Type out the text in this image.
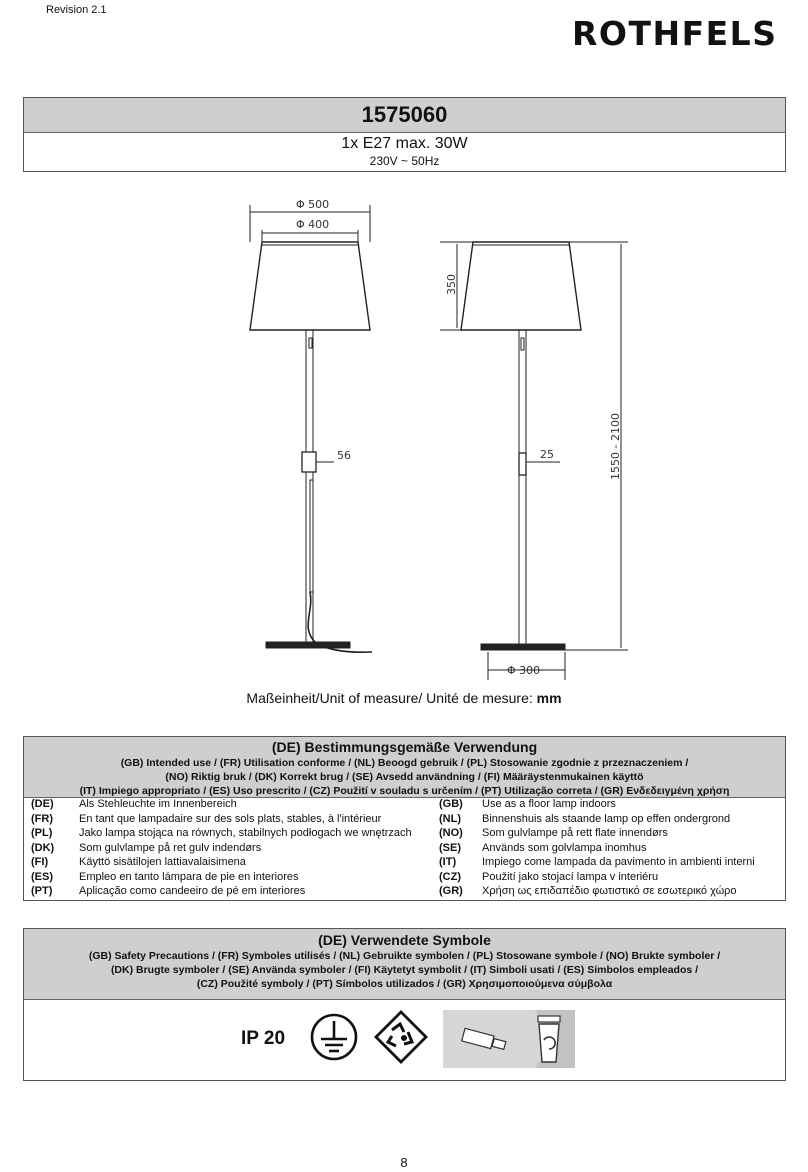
Revision 2.1
ROTHFELS
1575060
1x E27 max. 30W
230V ~ 50Hz
Φ 500
Φ 400
56	25
Φ 300
350
1550 - 2100
Maßeinheit/Unit of measure/ Unité de mesure: mm
(DE) Bestimmungsgemäße Verwendung
(GB) Intended use / (FR) Utilisation conforme / (NL) Beoogd gebruik / (PL) Stosowanie zgodnie z przeznaczeniem /
(NO) Riktig bruk / (DK) Korrekt brug / (SE) Avsedd användning / (FI) Määräystenmukainen käyttö
(IT) Impiego appropriato / (ES) Uso prescrito / (CZ) Použití v souladu s určením / (PT) Utilização correta / (GR) Ενδεδειγμένη χρήση
(DE) Als Stehleuchte im Innenbereich	(GB) Use as a floor lamp indoors
(FR) En tant que lampadaire sur des sols plats, stables, à l'intérieur	(NL) Binnenshuis als staande lamp op effen ondergrond
(PL) Jako lampa stojąca na równych, stabilnych podłogach we wnętrzach (NO) Som gulvlampe på rett flate innendørs
(DK) Som gulvlampe på ret gulv indendørs	(SE) Används som golvlampa inomhus
(FI)	Käyttö sisätilojen lattiavalaisimena	(IT) Impiego come lampada da pavimento in ambienti interni
(ES) Empleo en tanto lámpara de pie en interiores	(CZ) Použití jako stojací lampa v interiéru
(PT) Aplicação como candeeiro de pé em interiores	(GR) Χρήση ως επιδαπέδιο φωτιστικό σε εσωτερικό χώρο
(DE) Verwendete Symbole
(GB) Safety Precautions / (FR) Symboles utilisés / (NL) Gebruikte symbolen / (PL) Stosowane symbole / (NO) Brukte symboler /
(DK) Brugte symboler / (SE) Använda symboler / (FI) Käytetyt symbolit / (IT) Simboli usati / (ES) Símbolos empleados /
(CZ) Použité symboly / (PT) Símbolos utilizados / (GR) Χρησιμοποιούμενα σύμβολα
IP 20
8
